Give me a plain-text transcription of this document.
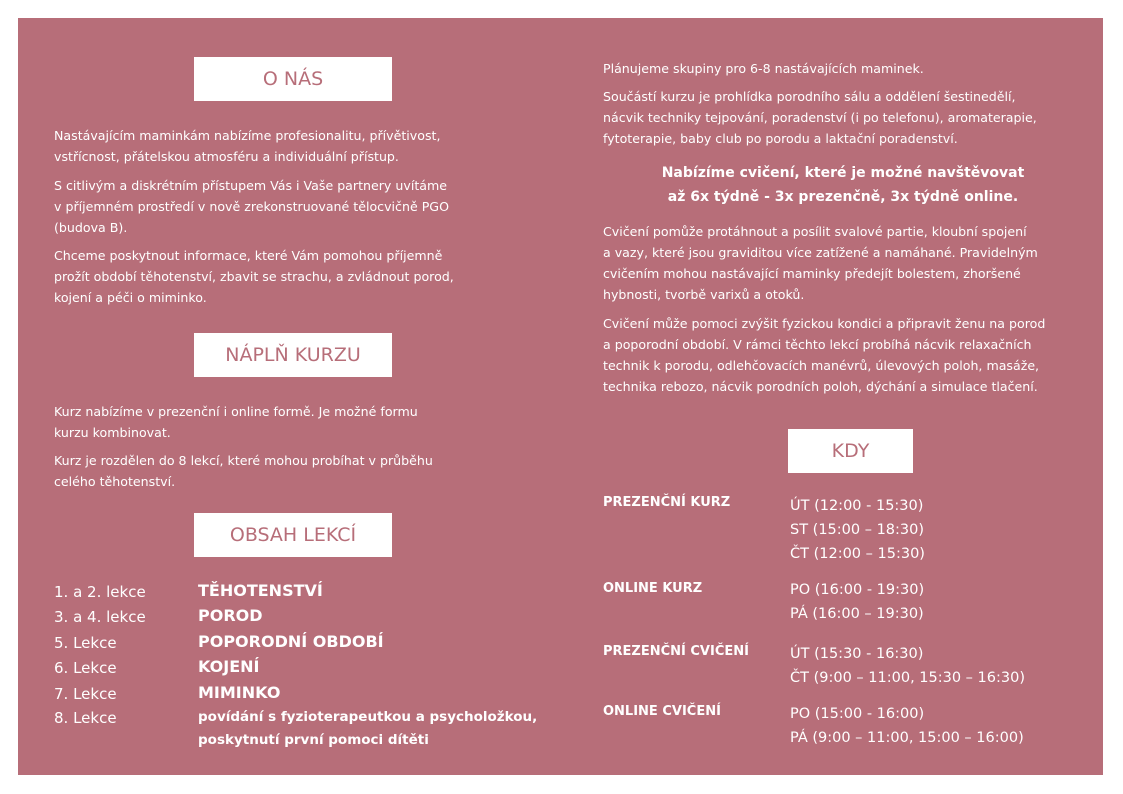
O NÁS
Nastávajícím maminkám nabízíme profesionalitu, přívětivost,
vstřícnost, přátelskou atmosféru a individuální přístup.
S citlivým a diskrétním přístupem Vás i Vaše partnery uvítáme
v příjemném prostředí v nově zrekonstruované tělocvičně PGO
(budova B).
Chceme poskytnout informace, které Vám pomohou příjemně
prožít období těhotenství, zbavit se strachu, a zvládnout porod,
kojení a péči o miminko.
NÁPLŇ KURZU
Kurz nabízíme v prezenční i online formě. Je možné formu
kurzu kombinovat.
Kurz je rozdělen do 8 lekcí, které mohou probíhat v průběhu
celého těhotenství.
OBSAH LEKCÍ
1. a 2. lekce	TĚHOTENSTVÍ
3. a 4. lekce	POROD
5. Lekce	POPORODNÍ OBDOBÍ
6. Lekce	KOJENÍ
7. Lekce	MIMINKO
8. Lekce	povídání s fyzioterapeutkou a psycholožkou,
poskytnutí první pomoci dítěti
Plánujeme skupiny pro 6-8 nastávajících maminek.
Součástí kurzu je prohlídka porodního sálu a oddělení šestinedělí,
nácvik techniky tejpování, poradenství (i po telefonu), aromaterapie,
fytoterapie, baby club po porodu a laktační poradenství.
Nabízíme cvičení, které je možné navštěvovat
až 6x týdně - 3x prezenčně, 3x týdně online.
Cvičení pomůže protáhnout a posílit svalové partie, kloubní spojení
a vazy, které jsou graviditou více zatížené a namáhané. Pravidelným
cvičením mohou nastávající maminky předejít bolestem, zhoršené
hybnosti, tvorbě varixů a otoků.
Cvičení může pomoci zvýšit fyzickou kondici a připravit ženu na porod
a poporodní období. V rámci těchto lekcí probíhá nácvik relaxačních
technik k porodu, odlehčovacích manévrů, úlevových poloh, masáže,
technika rebozo, nácvik porodních poloh, dýchání a simulace tlačení.
KDY
PREZENČNÍ KURZ	ÚT (12:00 - 15:30)
ST (15:00 – 18:30)
ČT (12:00 – 15:30)
ONLINE KURZ	PO (16:00 - 19:30)
PÁ (16:00 – 19:30)
PREZENČNÍ CVIČENÍ	ÚT (15:30 - 16:30)
ČT (9:00 – 11:00, 15:30 – 16:30)
ONLINE CVIČENÍ	PO (15:00 - 16:00)
PÁ (9:00 – 11:00, 15:00 – 16:00)
